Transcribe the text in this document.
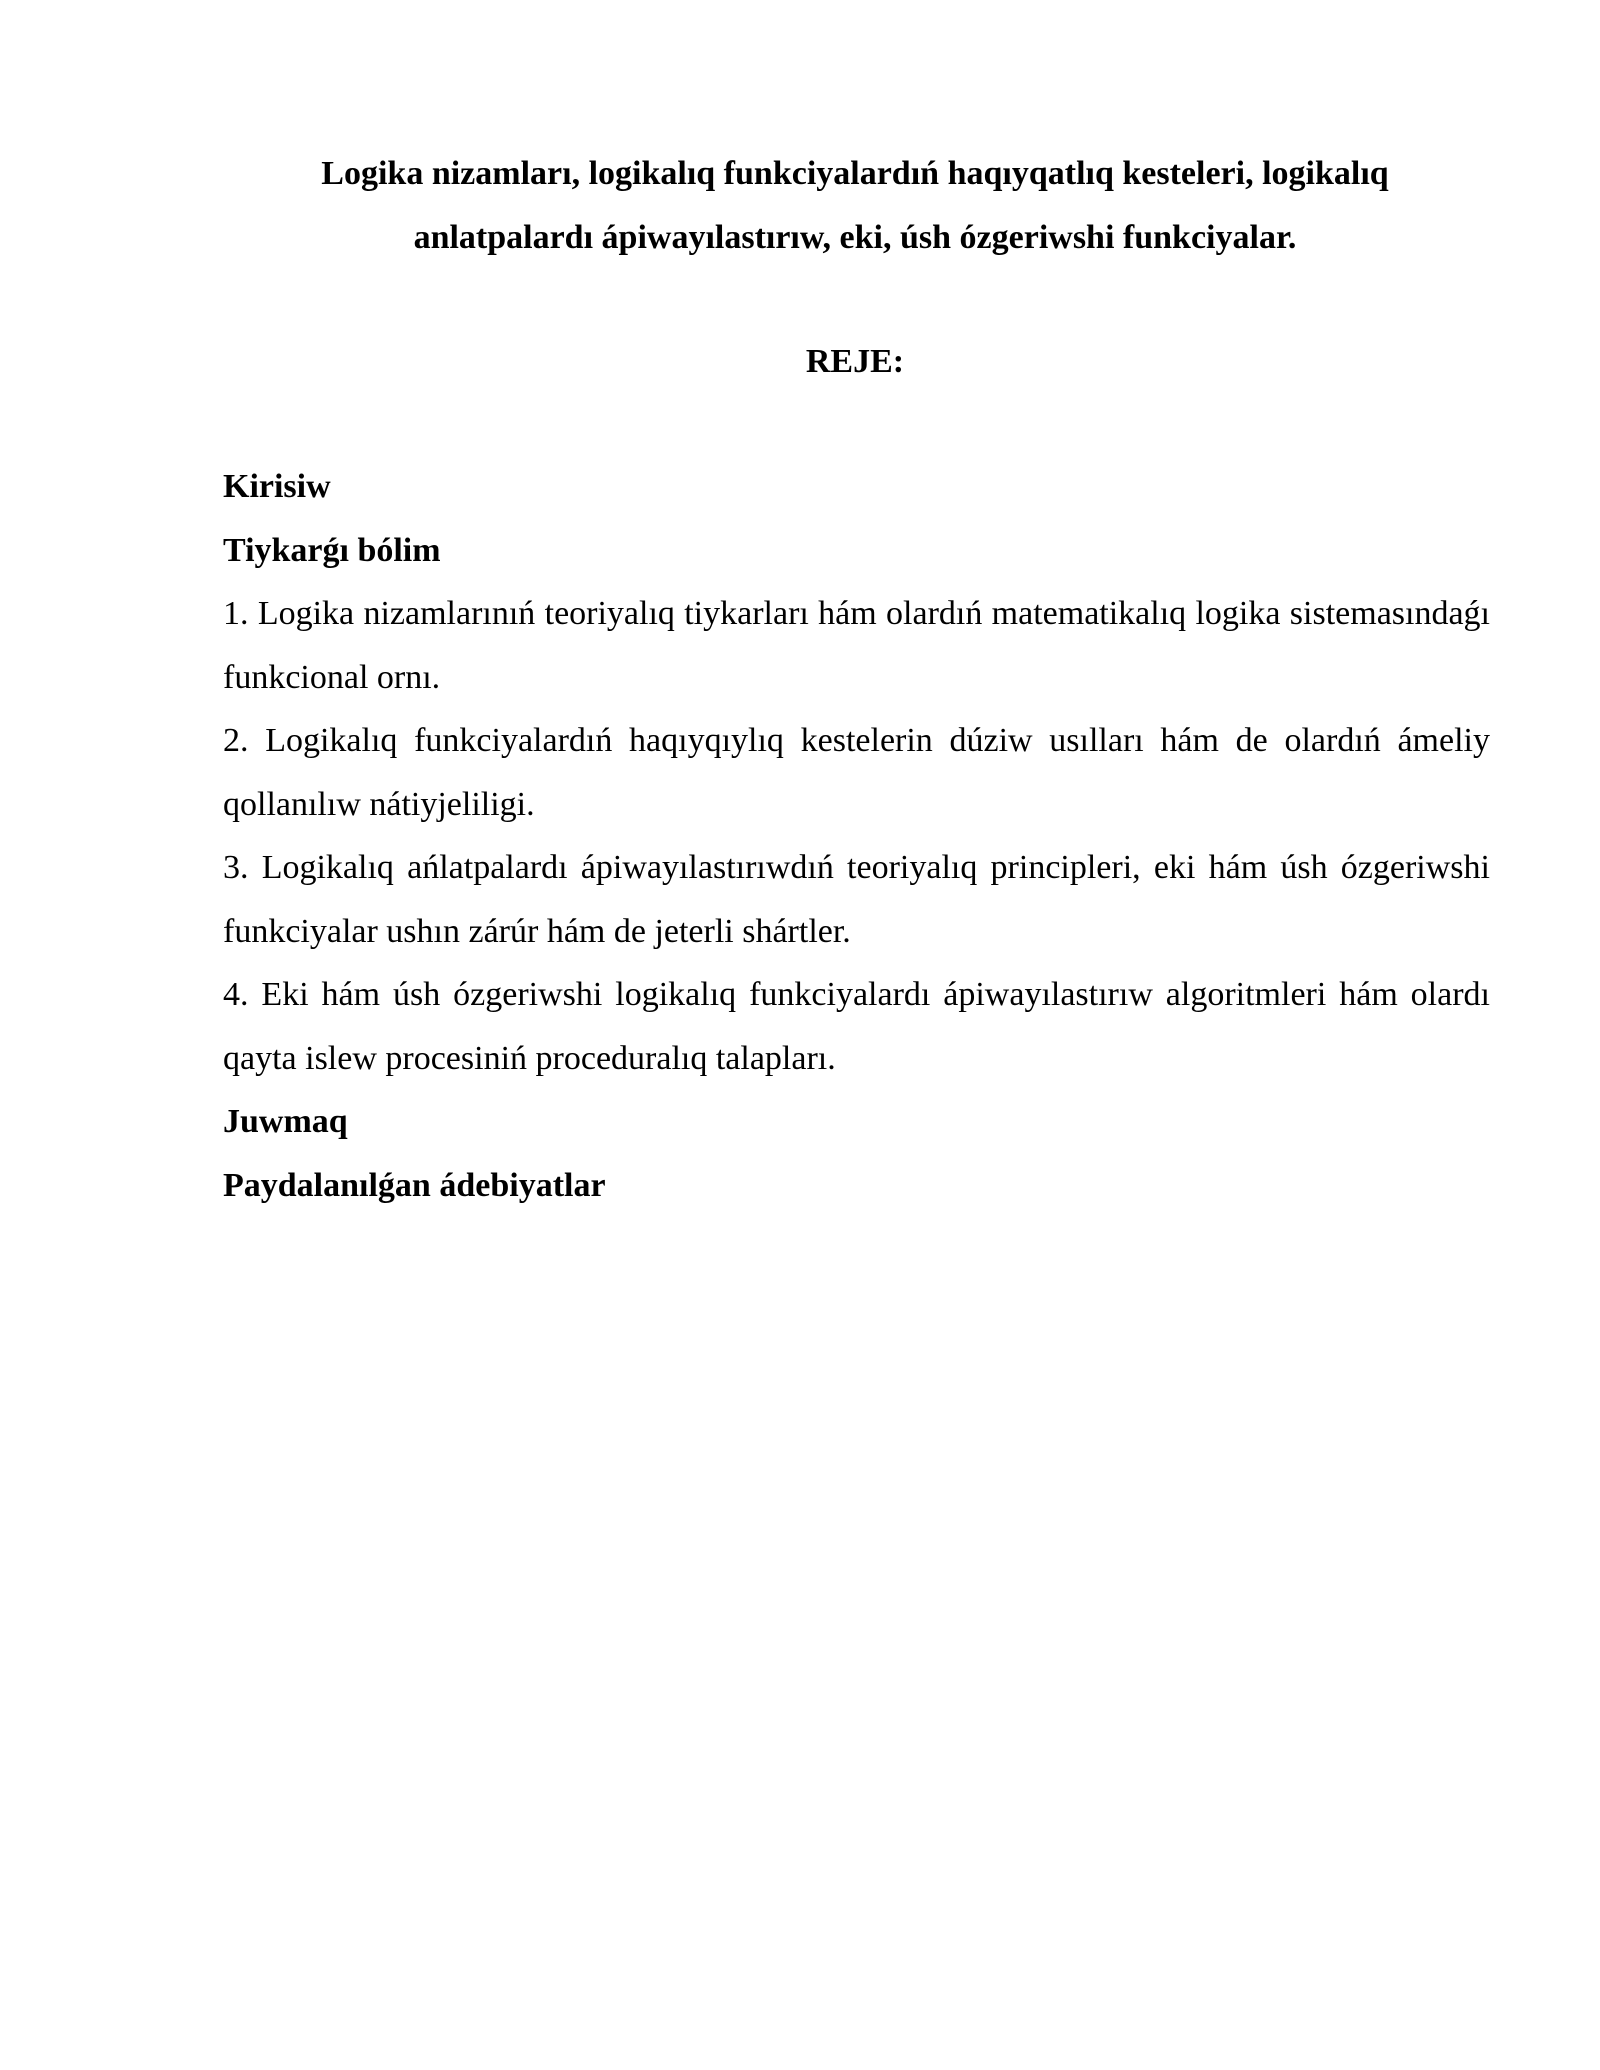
Logika nizamları, logikalıq funkciyalardıń haqıyqatlıq kesteleri, logikalıq anlatpalardı ápiwayılastırıw, eki, úsh ózgeriwshi funkciyalar.
REJE:

Kirisiw

Tiykarǵı bólim

1. Logika nizamlarınıń teoriyalıq tiykarları hám olardıń matematikalıq logika sistemasındaǵı funkcional ornı.

2. Logikalıq funkciyalardıń haqıyqıylıq kestelerin dúziw usılları hám de olardıń ámeliy qollanılıw nátiyjeliligi.

3. Logikalıq ańlatpalardı ápiwayılastırıwdıń teoriyalıq principleri, eki hám úsh ózgeriwshi funkciyalar ushın zárúr hám de jeterli shártler.

4. Eki hám úsh ózgeriwshi logikalıq funkciyalardı ápiwayılastırıw algoritmleri hám olardı qayta islew procesiniń proceduralıq talapları.

Juwmaq

Paydalanılǵan ádebiyatlar
